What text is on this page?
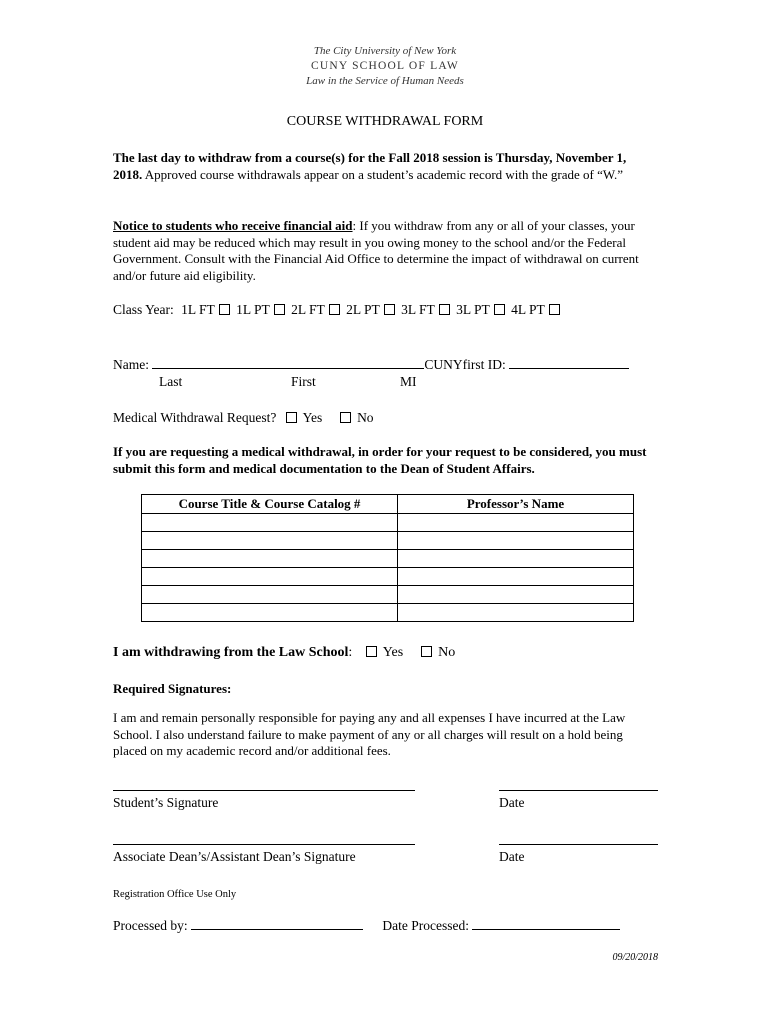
The City University of New York
CUNY SCHOOL OF LAW
Law in the Service of Human Needs
COURSE WITHDRAWAL FORM
The last day to withdraw from a course(s) for the Fall 2018 session is Thursday, November 1, 2018. Approved course withdrawals appear on a student’s academic record with the grade of “W.”
Notice to students who receive financial aid: If you withdraw from any or all of your classes, your student aid may be reduced which may result in you owing money to the school and/or the Federal Government. Consult with the Financial Aid Office to determine the impact of withdrawal on current and/or future aid eligibility.
Class Year: 1L FT 1L PT 2L FT 2L PT 3L FT 3L PT 4L PT
Name:	CUNYfirst ID:
Last	First	MI
Medical Withdrawal Request? Yes	No
If you are requesting a medical withdrawal, in order for your request to be considered, you must submit this form and medical documentation to the Dean of Student Affairs.
Course Title & Course Catalog #	Professor’s Name

I am withdrawing from the Law School: Yes	No
Required Signatures:
I am and remain personally responsible for paying any and all expenses I have incurred at the Law School. I also understand failure to make payment of any or all charges will result on a hold being placed on my academic record and/or additional fees.
Student’s Signature	Date
Associate Dean’s/Assistant Dean’s Signature	Date
Registration Office Use Only
Processed by:	Date Processed:
09/20/2018
